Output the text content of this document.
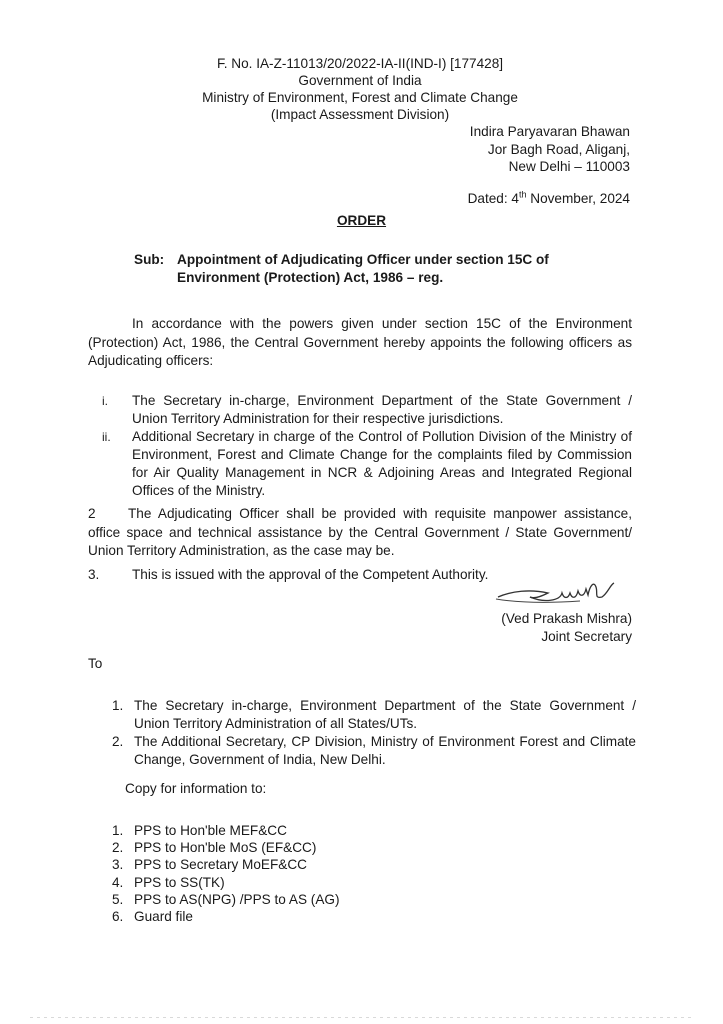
F. No. IA-Z-11013/20/2022-IA-II(IND-I) [177428]
Government of India
Ministry of Environment, Forest and Climate Change
(Impact Assessment Division)
Indira Paryavaran Bhawan
Jor Bagh Road, Aliganj,
New Delhi – 110003
Dated: 4th November, 2024
ORDER
Sub: Appointment of Adjudicating Officer under section 15C of
Environment (Protection) Act, 1986 – reg.
In accordance with the powers given under section 15C of the Environment (Protection) Act, 1986, the Central Government hereby appoints the following officers as Adjudicating officers:
i. The Secretary in-charge, Environment Department of the State Government / Union Territory Administration for their respective jurisdictions.
ii. Additional Secretary in charge of the Control of Pollution Division of the Ministry of Environment, Forest and Climate Change for the complaints filed by Commission for Air Quality Management in NCR & Adjoining Areas and Integrated Regional Offices of the Ministry.
2 The Adjudicating Officer shall be provided with requisite manpower assistance, office space and technical assistance by the Central Government / State Government/ Union Territory Administration, as the case may be.
3. This is issued with the approval of the Competent Authority.
(Ved Prakash Mishra)
Joint Secretary
To
1. The Secretary in-charge, Environment Department of the State Government / Union Territory Administration of all States/UTs.
2. The Additional Secretary, CP Division, Ministry of Environment Forest and Climate Change, Government of India, New Delhi.
Copy for information to:
1. PPS to Hon'ble MEF&CC
2. PPS to Hon'ble MoS (EF&CC)
3. PPS to Secretary MoEF&CC
4. PPS to SS(TK)
5. PPS to AS(NPG) /PPS to AS (AG)
6. Guard file
